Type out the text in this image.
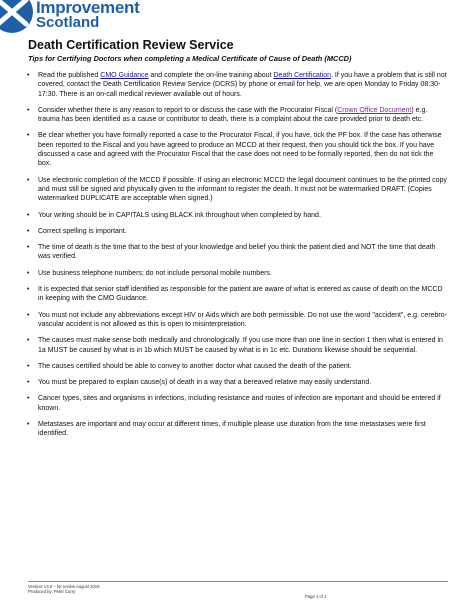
Improvement
Scotland
Death Certification Review Service
Tips for Certifying Doctors when completing a Medical Certificate of Cause of Death (MCCD)
• Read the published CMO Guidance and complete the on-line training about Death Certification. If you have a problem that is still not covered, contact the Death Certification Review Service (DCRS) by phone or email for help, we are open Monday to Friday 08:30-17:30. There is an on-call medical reviewer available out of hours.
• Consider whether there is any reason to report to or discuss the case with the Procurator Fiscal (Crown Office Document) e.g. trauma has been identified as a cause or contributor to death, there is a complaint about the care provided prior to death etc.
• Be clear whether you have formally reported a case to the Procurator Fiscal, if you have, tick the PF box. If the case has otherwise been reported to the Fiscal and you have agreed to produce an MCCD at their request, then you should tick the box. If you have discussed a case and agreed with the Procurator Fiscal that the case does not need to be formally reported, then do not tick the box.
• Use electronic completion of the MCCD if possible. If using an electronic MCCD the legal document continues to be the printed copy and must still be signed and physically given to the informant to register the death. It must not be watermarked DRAFT. (Copies watermarked DUPLICATE are acceptable when signed.)
• Your writing should be in CAPITALS using BLACK ink throughout when completed by hand.
• Correct spelling is important.
• The time of death is the time that to the best of your knowledge and belief you think the patient died and NOT the time that death was verified.
• Use business telephone numbers; do not include personal mobile numbers.
• It is expected that senior staff identified as responsible for the patient are aware of what is entered as cause of death on the MCCD in keeping with the CMO Guidance.
• You must not include any abbreviations except HIV or Aids which are both permissible. Do not use the word "accident", e.g. cerebro-vascular accident is not allowed as this is open to misinterpretation.
• The causes must make sense both medically and chronologically. If you use more than one line in section 1 then what is entered in 1a MUST be caused by what is in 1b which MUST be caused by what is in 1c etc. Durations likewise should be sequential.
• The causes certified should be able to convey to another doctor what caused the death of the patient.
• You must be prepared to explain cause(s) of death in a way that a bereaved relative may easily understand.
• Cancer types, sites and organisms in infections, including resistance and routes of infection are important and should be entered if known.
• Metastases are important and may occur at different times, if multiple please use duration from the time metastases were first identified.
Version: v3.0 – for review August 2018
Produced by: Peter Curry
Page 1 of 2
